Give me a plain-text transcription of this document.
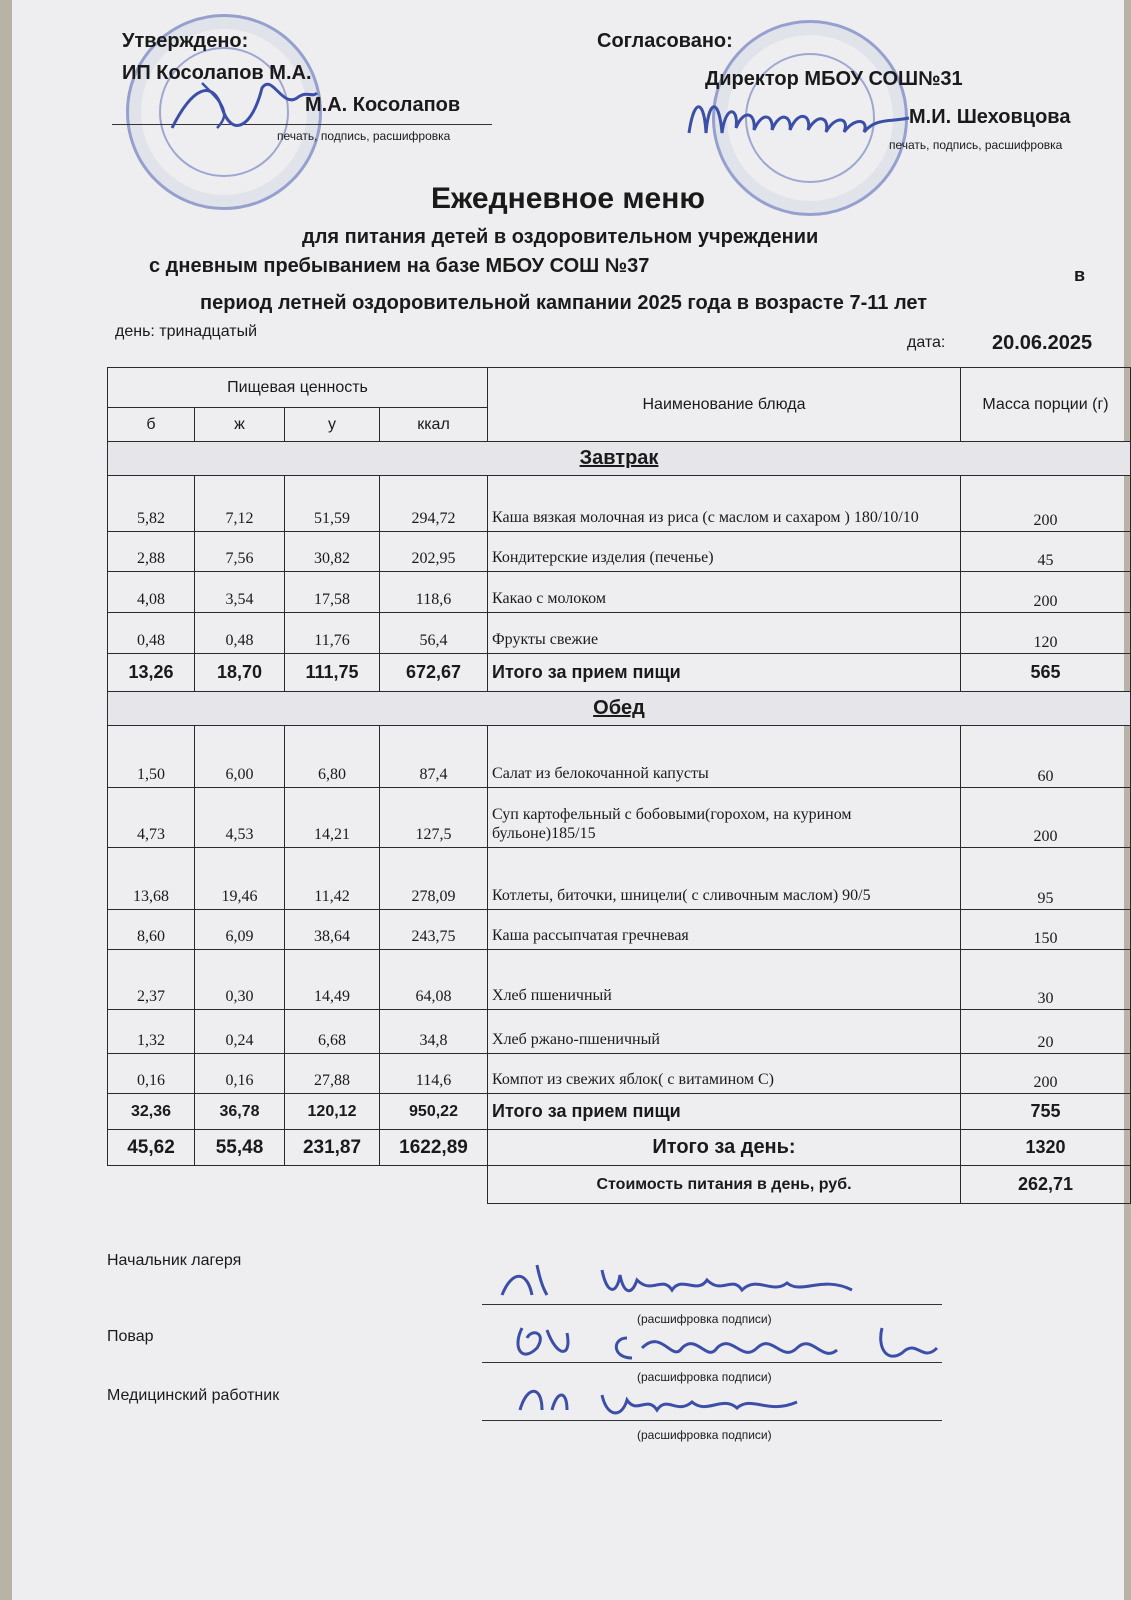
Утверждено:
ИП Косолапов М.А.
М.А. Косолапов
печать, подпись, расшифровка
Согласовано:
Директор МБОУ СОШ№31
М.И. Шеховцова
печать, подпись, расшифровка
Ежедневное меню
для питания детей в оздоровительном учреждении
с дневным пребыванием на базе МБОУ СОШ №37	в
период летней оздоровительной кампании 2025 года в возрасте 7-11 лет
день: тринадцатый
дата: 20.06.2025
Пищевая ценность				Наименование блюда	Масса порции (г)
б	ж	у	ккал		
Завтрак					
5,82	7,12	51,59	294,72	Каша вязкая молочная из риса (с маслом и сахаром ) 180/10/10	200
2,88	7,56	30,82	202,95	Кондитерские изделия (печенье)	45
4,08	3,54	17,58	118,6	Какао с молоком	200
0,48	0,48	11,76	56,4	Фрукты свежие	120
13,26	18,70	111,75	672,67	Итого за прием пищи	565
Обед					
1,50	6,00	6,80	87,4	Салат из белокочанной капусты	60
4,73	4,53	14,21	127,5	Суп картофельный с бобовыми(горохом, на курином бульоне)185/15	200
13,68	19,46	11,42	278,09	Котлеты, биточки, шницели( с сливочным маслом) 90/5	95
8,60	6,09	38,64	243,75	Каша рассыпчатая гречневая	150
2,37	0,30	14,49	64,08	Хлеб пшеничный	30
1,32	0,24	6,68	34,8	Хлеб ржано-пшеничный	20
0,16	0,16	27,88	114,6	Компот из свежих яблок( с витамином С)	200
32,36	36,78	120,12	950,22	Итого за прием пищи	755
45,62	55,48	231,87	1622,89	Итого за день:	1320
				Стоимость питания в день, руб.	262,71
Начальник лагеря
(расшифровка подписи)
Повар
(расшифровка подписи)
Медицинский работник
(расшифровка подписи)
